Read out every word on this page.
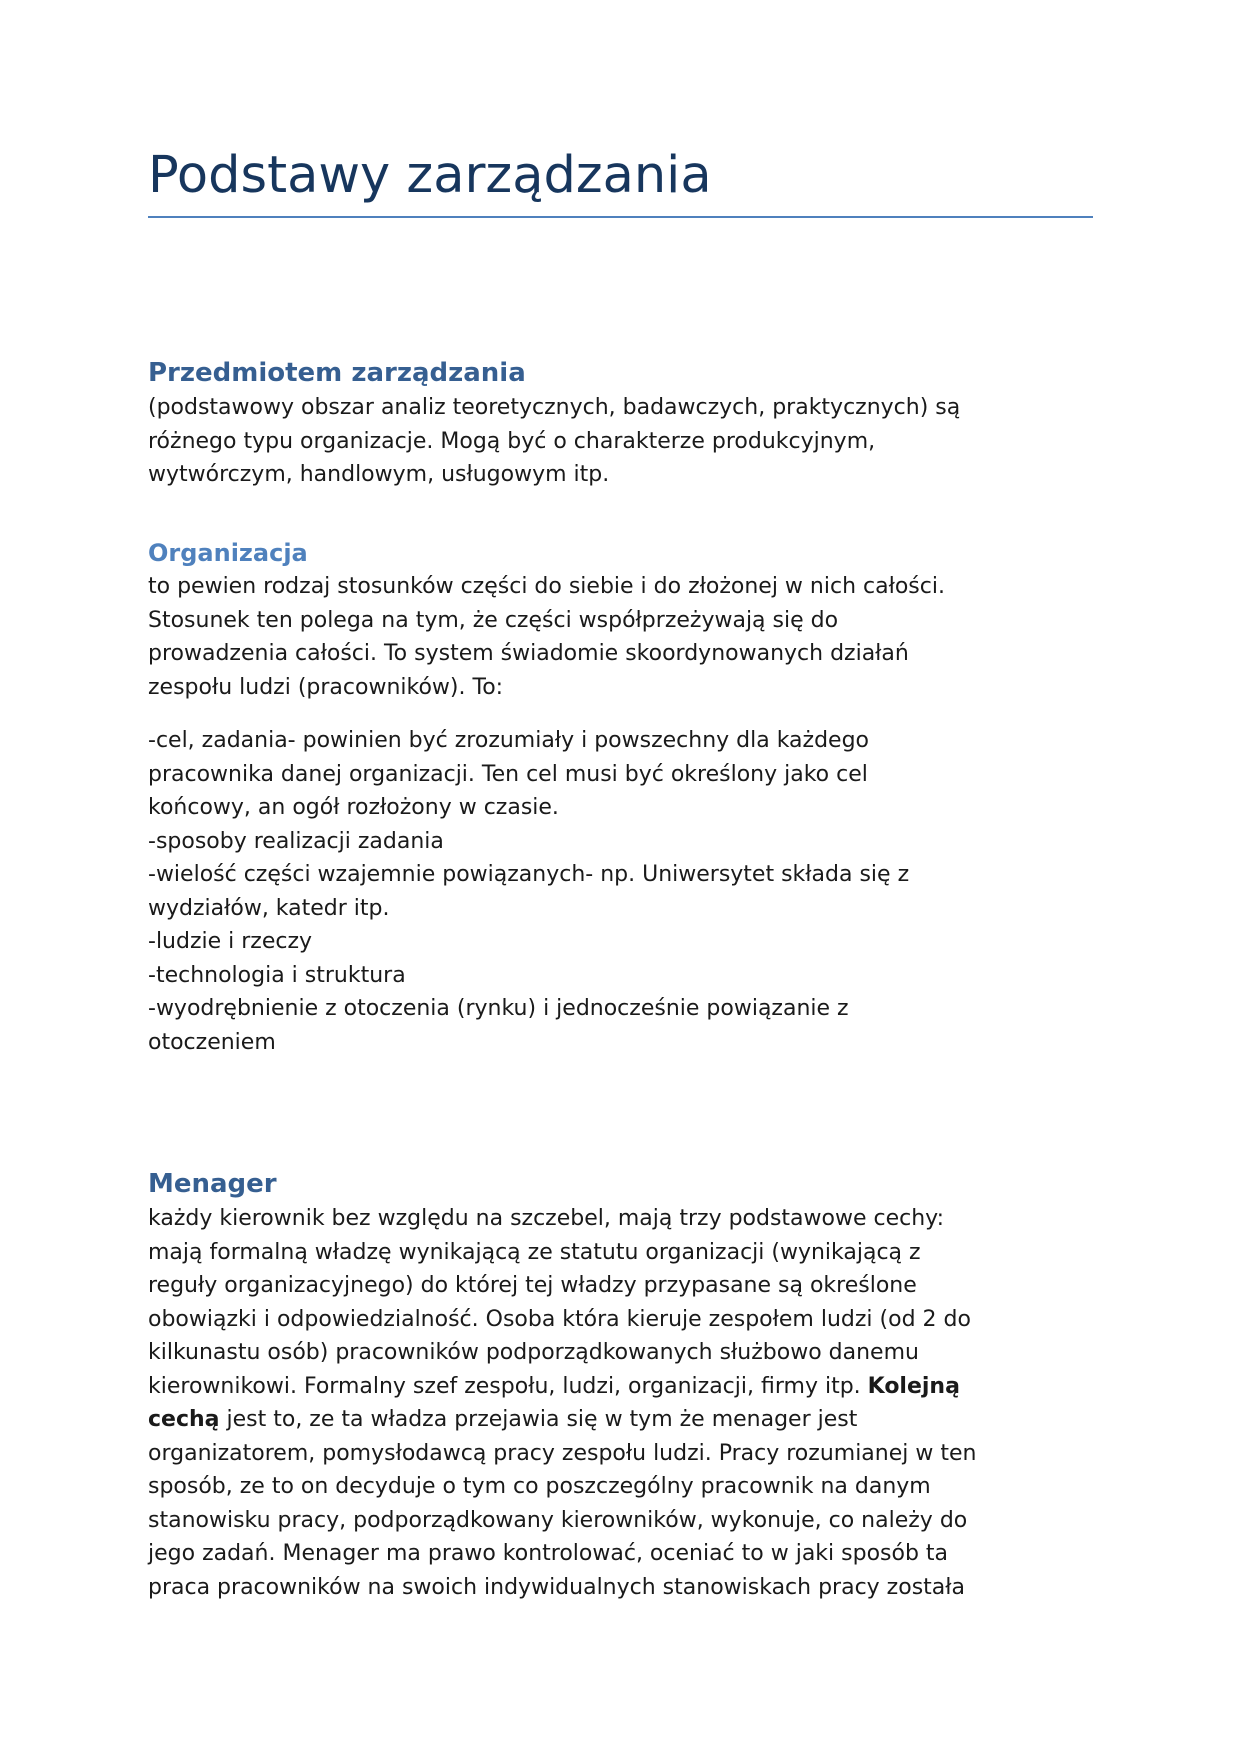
Podstawy zarządzania
Przedmiotem zarządzania

(podstawowy obszar analiz teoretycznych, badawczych, praktycznych) są

różnego typu organizacje. Mogą być o charakterze produkcyjnym,

wytwórczym, handlowym, usługowym itp.

Organizacja

to pewien rodzaj stosunków części do siebie i do złożonej w nich całości.

Stosunek ten polega na tym, że części współprzeżywają się do

prowadzenia całości. To system świadomie skoordynowanych działań

zespołu ludzi (pracowników). To:

-cel, zadania- powinien być zrozumiały i powszechny dla każdego

pracownika danej organizacji. Ten cel musi być określony jako cel

końcowy, an ogół rozłożony w czasie.

-sposoby realizacji zadania

-wielość części wzajemnie powiązanych- np. Uniwersytet składa się z

wydziałów, katedr itp.

-ludzie i rzeczy

-technologia i struktura

-wyodrębnienie z otoczenia (rynku) i jednocześnie powiązanie z

otoczeniem

Menager

każdy kierownik bez względu na szczebel, mają trzy podstawowe cechy:

mają formalną władzę wynikającą ze statutu organizacji (wynikającą z

reguły organizacyjnego) do której tej władzy przypasane są określone

obowiązki i odpowiedzialność. Osoba która kieruje zespołem ludzi (od 2 do

kilkunastu osób) pracowników podporządkowanych służbowo danemu

kierownikowi. Formalny szef zespołu, ludzi, organizacji, firmy itp. Kolejną

cechą jest to, ze ta władza przejawia się w tym że menager jest

organizatorem, pomysłodawcą pracy zespołu ludzi. Pracy rozumianej w ten

sposób, ze to on decyduje o tym co poszczególny pracownik na danym

stanowisku pracy, podporządkowany kierowników, wykonuje, co należy do

jego zadań. Menager ma prawo kontrolować, oceniać to w jaki sposób ta

praca pracowników na swoich indywidualnych stanowiskach pracy została
